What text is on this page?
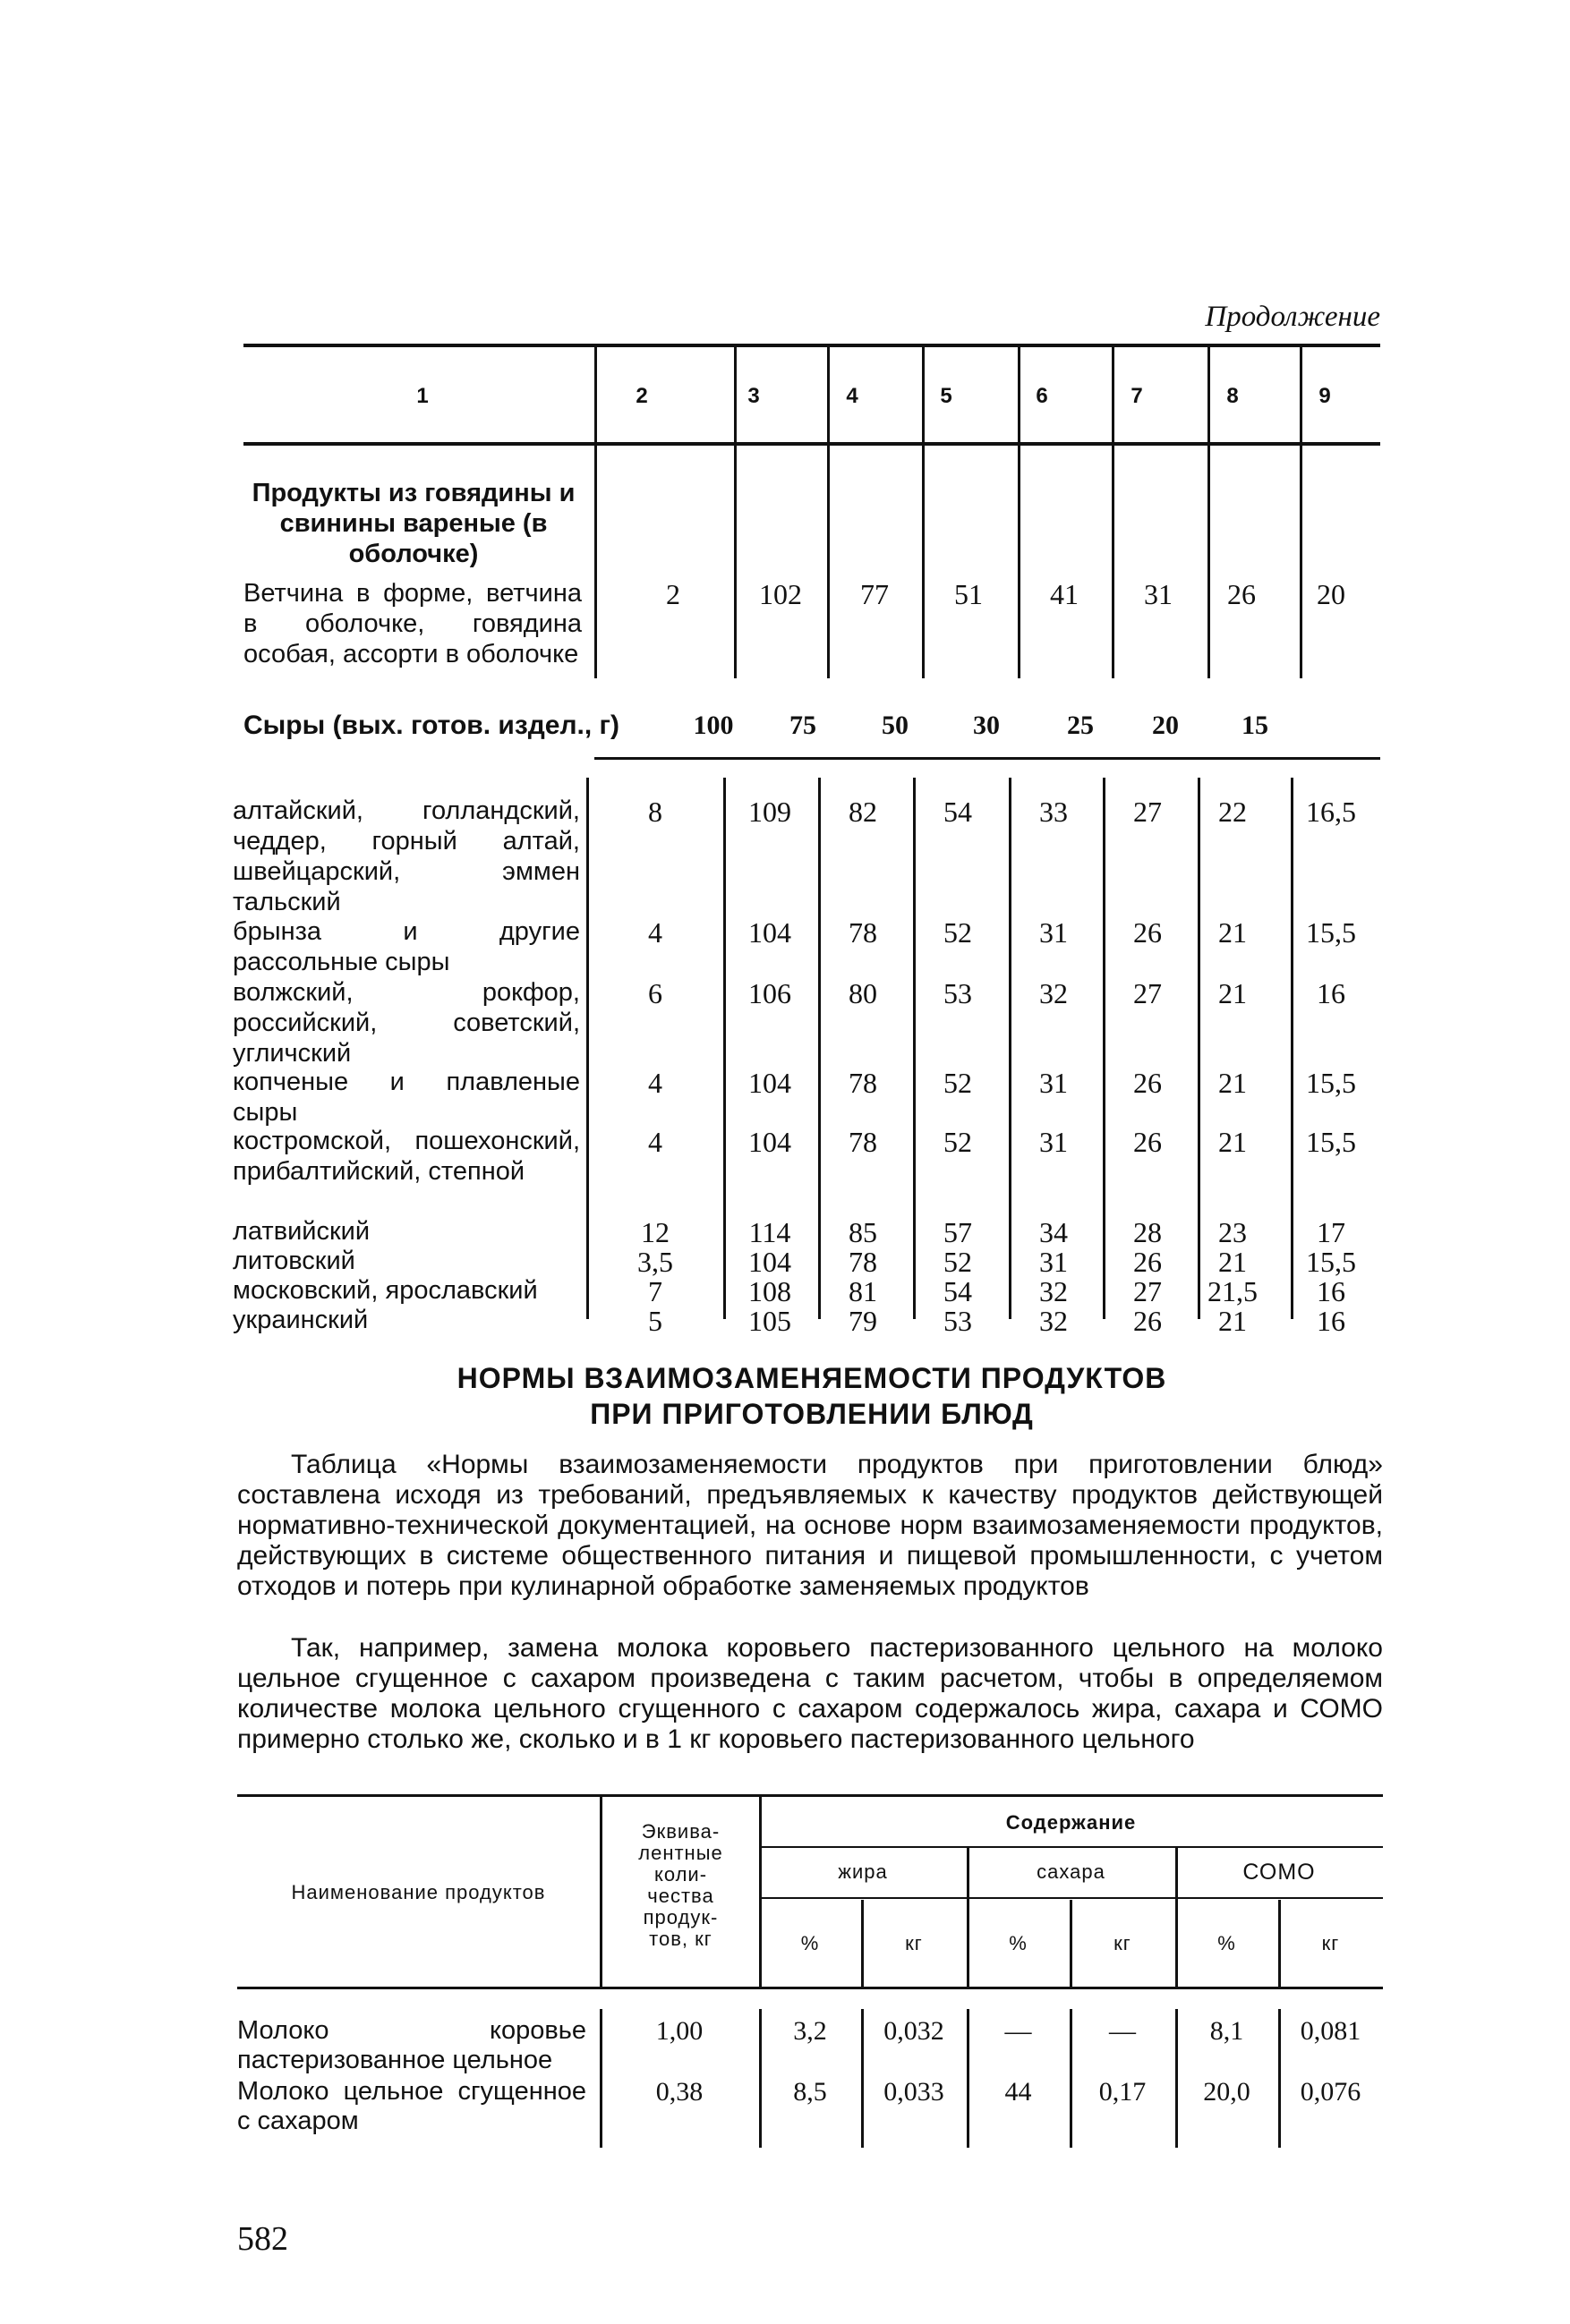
Продолжение
1	2	3	4	5	6	7	8	9
Продукты из говядины и свинины вареные (в оболочке)
Ветчина в форме, ветчина в оболочке, говядина особая, ассорти в оболочке
2	102	77	51	41	31	26	20
Сыры (вых. готов. издел., г)	100	75	50	30	25	20	15
алтайский, голландский, чеддер, горный алтай, швейцарский, эммен тальский
8	109	82	54	33	27	22	16,5
брынза и другие рассольные сыры
4	104	78	52	31	26	21	15,5
волжский, рокфор, российский, советский, угличский
6	106	80	53	32	27	21	16
копченые и плавленые сыры
4	104	78	52	31	26	21	15,5
костромской, пошехонский, прибалтийский, степной
4	104	78	52	31	26	21	15,5
латвийский	12	114	85	57	34	28	23	17
литовский	3,5	104	78	52	31	26	21	15,5
московский, ярославский	7	108	81	54	32	27	21,5	16
украинский	5	105	79	53	32	26	21	16
НОРМЫ ВЗАИМОЗАМЕНЯЕМОСТИ ПРОДУКТОВ
ПРИ ПРИГОТОВЛЕНИИ БЛЮД
Таблица «Нормы взаимозаменяемости продуктов при приготовлении блюд» составлена исходя из требований, предъявляемых к качеству продуктов действующей нормативно-технической документацией, на основе норм взаимозаменяемости продуктов, действующих в системе общественного питания и пищевой промышленности, с учетом отходов и потерь при кулинарной обработке заменяемых продуктов
Так, например, замена молока коровьего пастеризованного цельного на молоко цельное сгущенное с сахаром произведена с таким расчетом, чтобы в определяемом количестве молока цельного сгущенного с сахаром содержалось жира, сахара и СОМО примерно столько же, сколько и в 1 кг коровьего пастеризованного цельного
Наименование продуктов
Эквива-
лентные
коли-
чества
продук-
тов, кг
Содержание
жира	сахара	СОМО
%	кг	%	кг	%	кг
Молоко коровье пастеризованное цельное
1,00	3,2	0,032	—	—	8,1	0,081
Молоко цельное сгущенное с сахаром
0,38	8,5	0,033	44	0,17	20,0	0,076
582
